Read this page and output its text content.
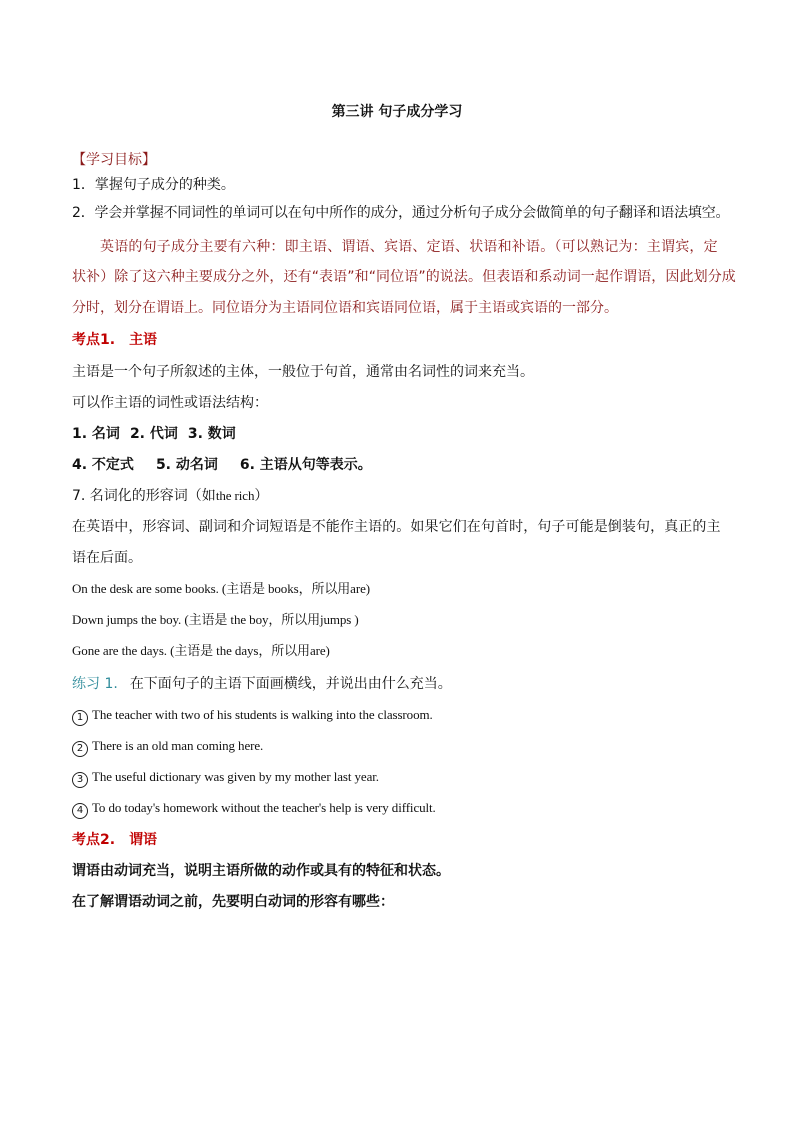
第三讲 句子成分学习
【学习目标】
1．掌握句子成分的种类。
2．学会并掌握不同词性的单词可以在句中所作的成分，通过分析句子成分会做简单的句子翻译和语法填空。
英语的句子成分主要有六种：即主语、谓语、宾语、定语、状语和补语。（可以熟记为：主谓宾，定
状补）除了这六种主要成分之外，还有“表语”和“同位语”的说法。但表语和系动词一起作谓语，因此划分成
分时，划分在谓语上。同位语分为主语同位语和宾语同位语，属于主语或宾语的一部分。
考点1. 主语
主语是一个句子所叙述的主体，一般位于句首，通常由名词性的词来充当。
可以作主语的词性或语法结构：
1. 名词 2. 代词 3. 数词
4. 不定式 5. 动名词 6. 主语从句等表示。
7. 名词化的形容词（如the rich）
在英语中，形容词、副词和介词短语是不能作主语的。如果它们在句首时，句子可能是倒装句，真正的主
语在后面。
On the desk are some books. (主语是 books，所以用are)
Down jumps the boy. (主语是 the boy，所以用jumps )
Gone are the days. (主语是 the days，所以用are)
练习 1. 在下面句子的主语下面画横线，并说出由什么充当。
1 The teacher with two of his students is walking into the classroom.
2 There is an old man coming here.
3 The useful dictionary was given by my mother last year.
4 To do today's homework without the teacher's help is very difficult.
考点2. 谓语
谓语由动词充当，说明主语所做的动作或具有的特征和状态。
在了解谓语动词之前，先要明白动词的形容有哪些：
